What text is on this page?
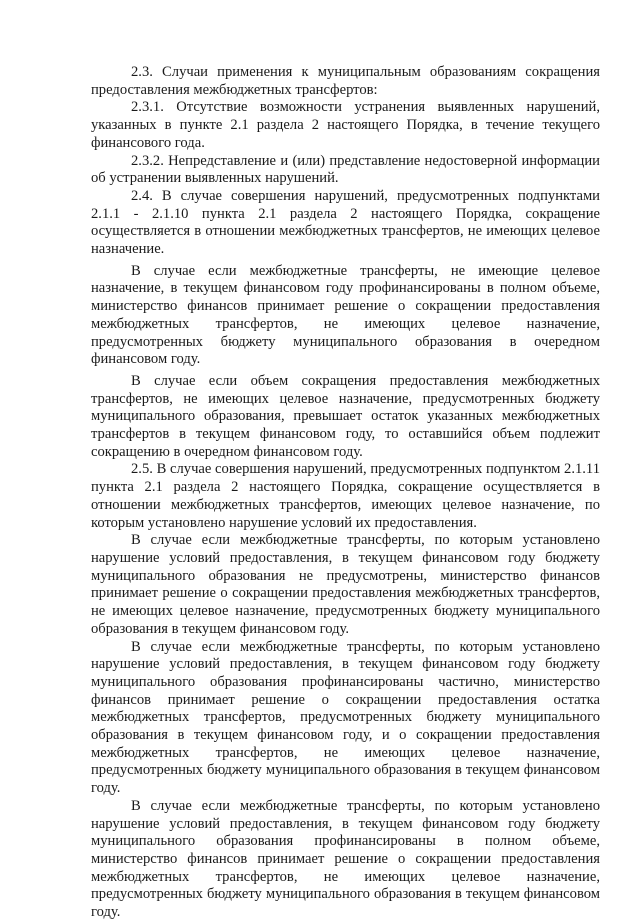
2.3. Случаи применения к муниципальным образованиям сокращения предоставления межбюджетных трансфертов:

2.3.1. Отсутствие возможности устранения выявленных нарушений, указанных в пункте 2.1 раздела 2 настоящего Порядка, в течение текущего финансового года.

2.3.2. Непредставление и (или) представление недостоверной информации об устранении выявленных нарушений.

2.4. В случае совершения нарушений, предусмотренных подпунктами 2.1.1 - 2.1.10 пункта 2.1 раздела 2 настоящего Порядка, сокращение осуществляется в отношении межбюджетных трансфертов, не имеющих целевое назначение.

В случае если межбюджетные трансферты, не имеющие целевое назначение, в текущем финансовом году профинансированы в полном объеме, министерство финансов принимает решение о сокращении предоставления межбюджетных трансфертов, не имеющих целевое назначение, предусмотренных бюджету муниципального образования в очередном финансовом году.

В случае если объем сокращения предоставления межбюджетных трансфертов, не имеющих целевое назначение, предусмотренных бюджету муниципального образования, превышает остаток указанных межбюджетных трансфертов в текущем финансовом году, то оставшийся объем подлежит сокращению в очередном финансовом году.

2.5. В случае совершения нарушений, предусмотренных подпунктом 2.1.11 пункта 2.1 раздела 2 настоящего Порядка, сокращение осуществляется в отношении межбюджетных трансфертов, имеющих целевое назначение, по которым установлено нарушение условий их предоставления.

В случае если межбюджетные трансферты, по которым установлено нарушение условий предоставления, в текущем финансовом году бюджету муниципального образования не предусмотрены, министерство финансов принимает решение о сокращении предоставления межбюджетных трансфертов, не имеющих целевое назначение, предусмотренных бюджету муниципального образования в текущем финансовом году.

В случае если межбюджетные трансферты, по которым установлено нарушение условий предоставления, в текущем финансовом году бюджету муниципального образования профинансированы частично, министерство финансов принимает решение о сокращении предоставления остатка межбюджетных трансфертов, предусмотренных бюджету муниципального образования в текущем финансовом году, и о сокращении предоставления межбюджетных трансфертов, не имеющих целевое назначение, предусмотренных бюджету муниципального образования в текущем финансовом году.

В случае если межбюджетные трансферты, по которым установлено нарушение условий предоставления, в текущем финансовом году бюджету муниципального образования профинансированы в полном объеме, министерство финансов принимает решение о сокращении предоставления межбюджетных трансфертов, не имеющих целевое назначение, предусмотренных бюджету муниципального образования в текущем финансовом году.
